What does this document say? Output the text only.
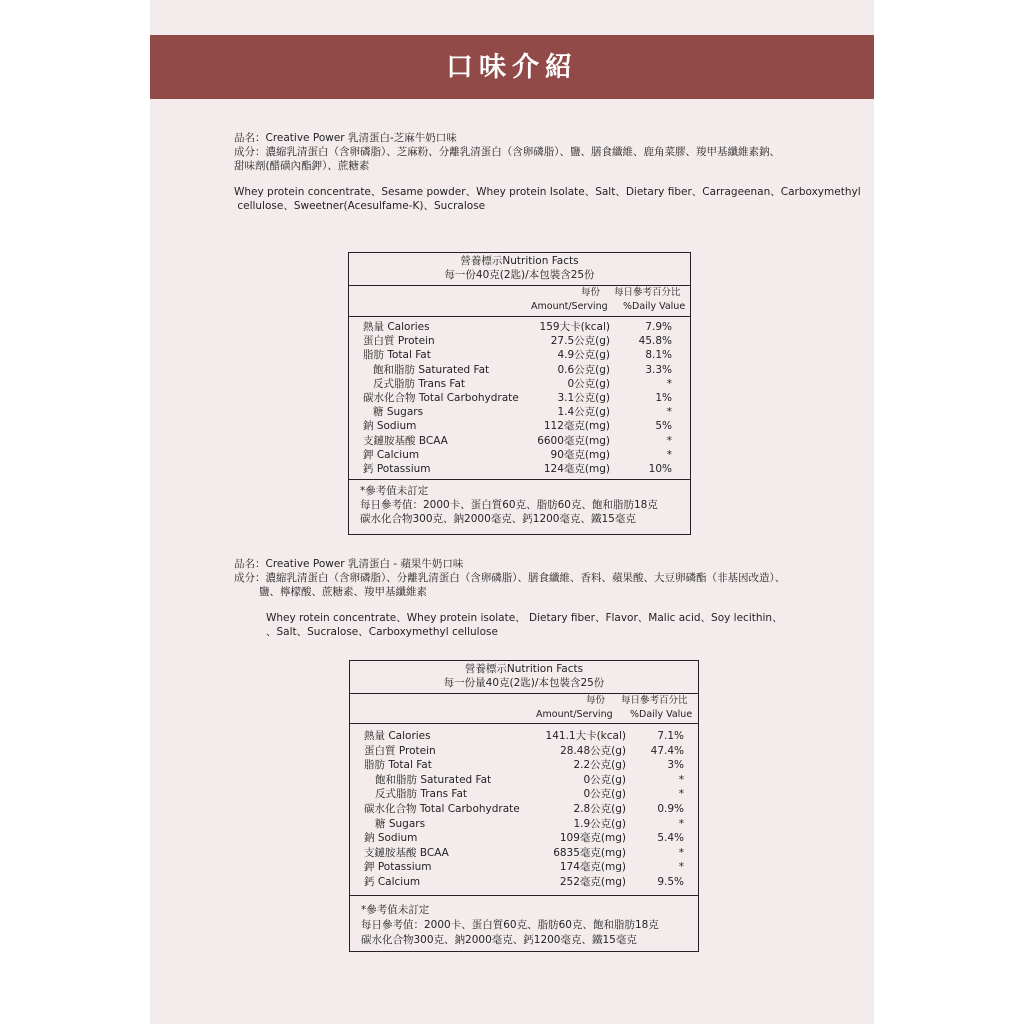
口味介紹
品名：Creative Power 乳清蛋白-芝麻牛奶口味
成分：濃縮乳清蛋白（含卵磷脂）、芝麻粉、分離乳清蛋白（含卵磷脂）、鹽、膳食纖維、鹿角菜膠、羧甲基纖維素鈉、
甜味劑(醋磺內酯鉀）、蔗糖素
Whey protein concentrate、Sesame powder、Whey protein Isolate、Salt、Dietary fiber、Carrageenan、Carboxymethyl
cellulose、Sweetner(Acesulfame-K)、Sucralose
營養標示Nutrition Facts
每一份40克(2匙)/本包裝含25份
每份
Amount/Serving
每日參考百分比
%Daily Value
熱量 Calories	159大卡(kcal)	7.9%
蛋白質 Protein	27.5公克(g)	45.8%
脂肪 Total Fat	4.9公克(g)	8.1%
飽和脂肪 Saturated Fat	0.6公克(g)	3.3%
反式脂肪 Trans Fat	0公克(g)	*
碳水化合物 Total Carbohydrate	3.1公克(g)	1%
糖 Sugars	1.4公克(g)	*
鈉 Sodium	112毫克(mg)	5%
支鏈胺基酸 BCAA	6600毫克(mg)	*
鉀 Calcium	90毫克(mg)	*
鈣 Potassium	124毫克(mg)	10%
*參考值未訂定
每日參考值：2000卡、蛋白質60克、脂肪60克、飽和脂肪18克
碳水化合物300克、鈉2000毫克、鈣1200毫克、鐵15毫克
品名：Creative Power 乳清蛋白 - 蘋果牛奶口味
成分：濃縮乳清蛋白（含卵磷脂）、分離乳清蛋白（含卵磷脂）、膳食纖維、香料、蘋果酸、大豆卵磷酯（非基因改造）、
鹽、檸檬酸、蔗糖素、羧甲基纖維素
Whey rotein concentrate、Whey protein isolate、 Dietary fiber、Flavor、Malic acid、Soy lecithin、
、Salt、Sucralose、Carboxymethyl cellulose
營養標示Nutrition Facts
每一份量40克(2匙)/本包裝含25份
每份
Amount/Serving
每日參考百分比
%Daily Value
熱量 Calories	141.1大卡(kcal)	7.1%
蛋白質 Protein	28.48公克(g) 47.4%
脂肪 Total Fat	2.2公克(g)	3%
飽和脂肪 Saturated Fat	0公克(g)	*
反式脂肪 Trans Fat	0公克(g)	*
碳水化合物 Total Carbohydrate	2.8公克(g)	0.9%
糖 Sugars	1.9公克(g)	*
鈉 Sodium	109毫克(mg)	5.4%
支鏈胺基酸 BCAA	6835毫克(mg)	*
鉀 Potassium	174毫克(mg)	*
鈣 Calcium	252毫克(mg)	9.5%
*參考值未訂定
每日參考值：2000卡、蛋白質60克、脂肪60克、飽和脂肪18克
碳水化合物300克、鈉2000毫克、鈣1200毫克、鐵15毫克
